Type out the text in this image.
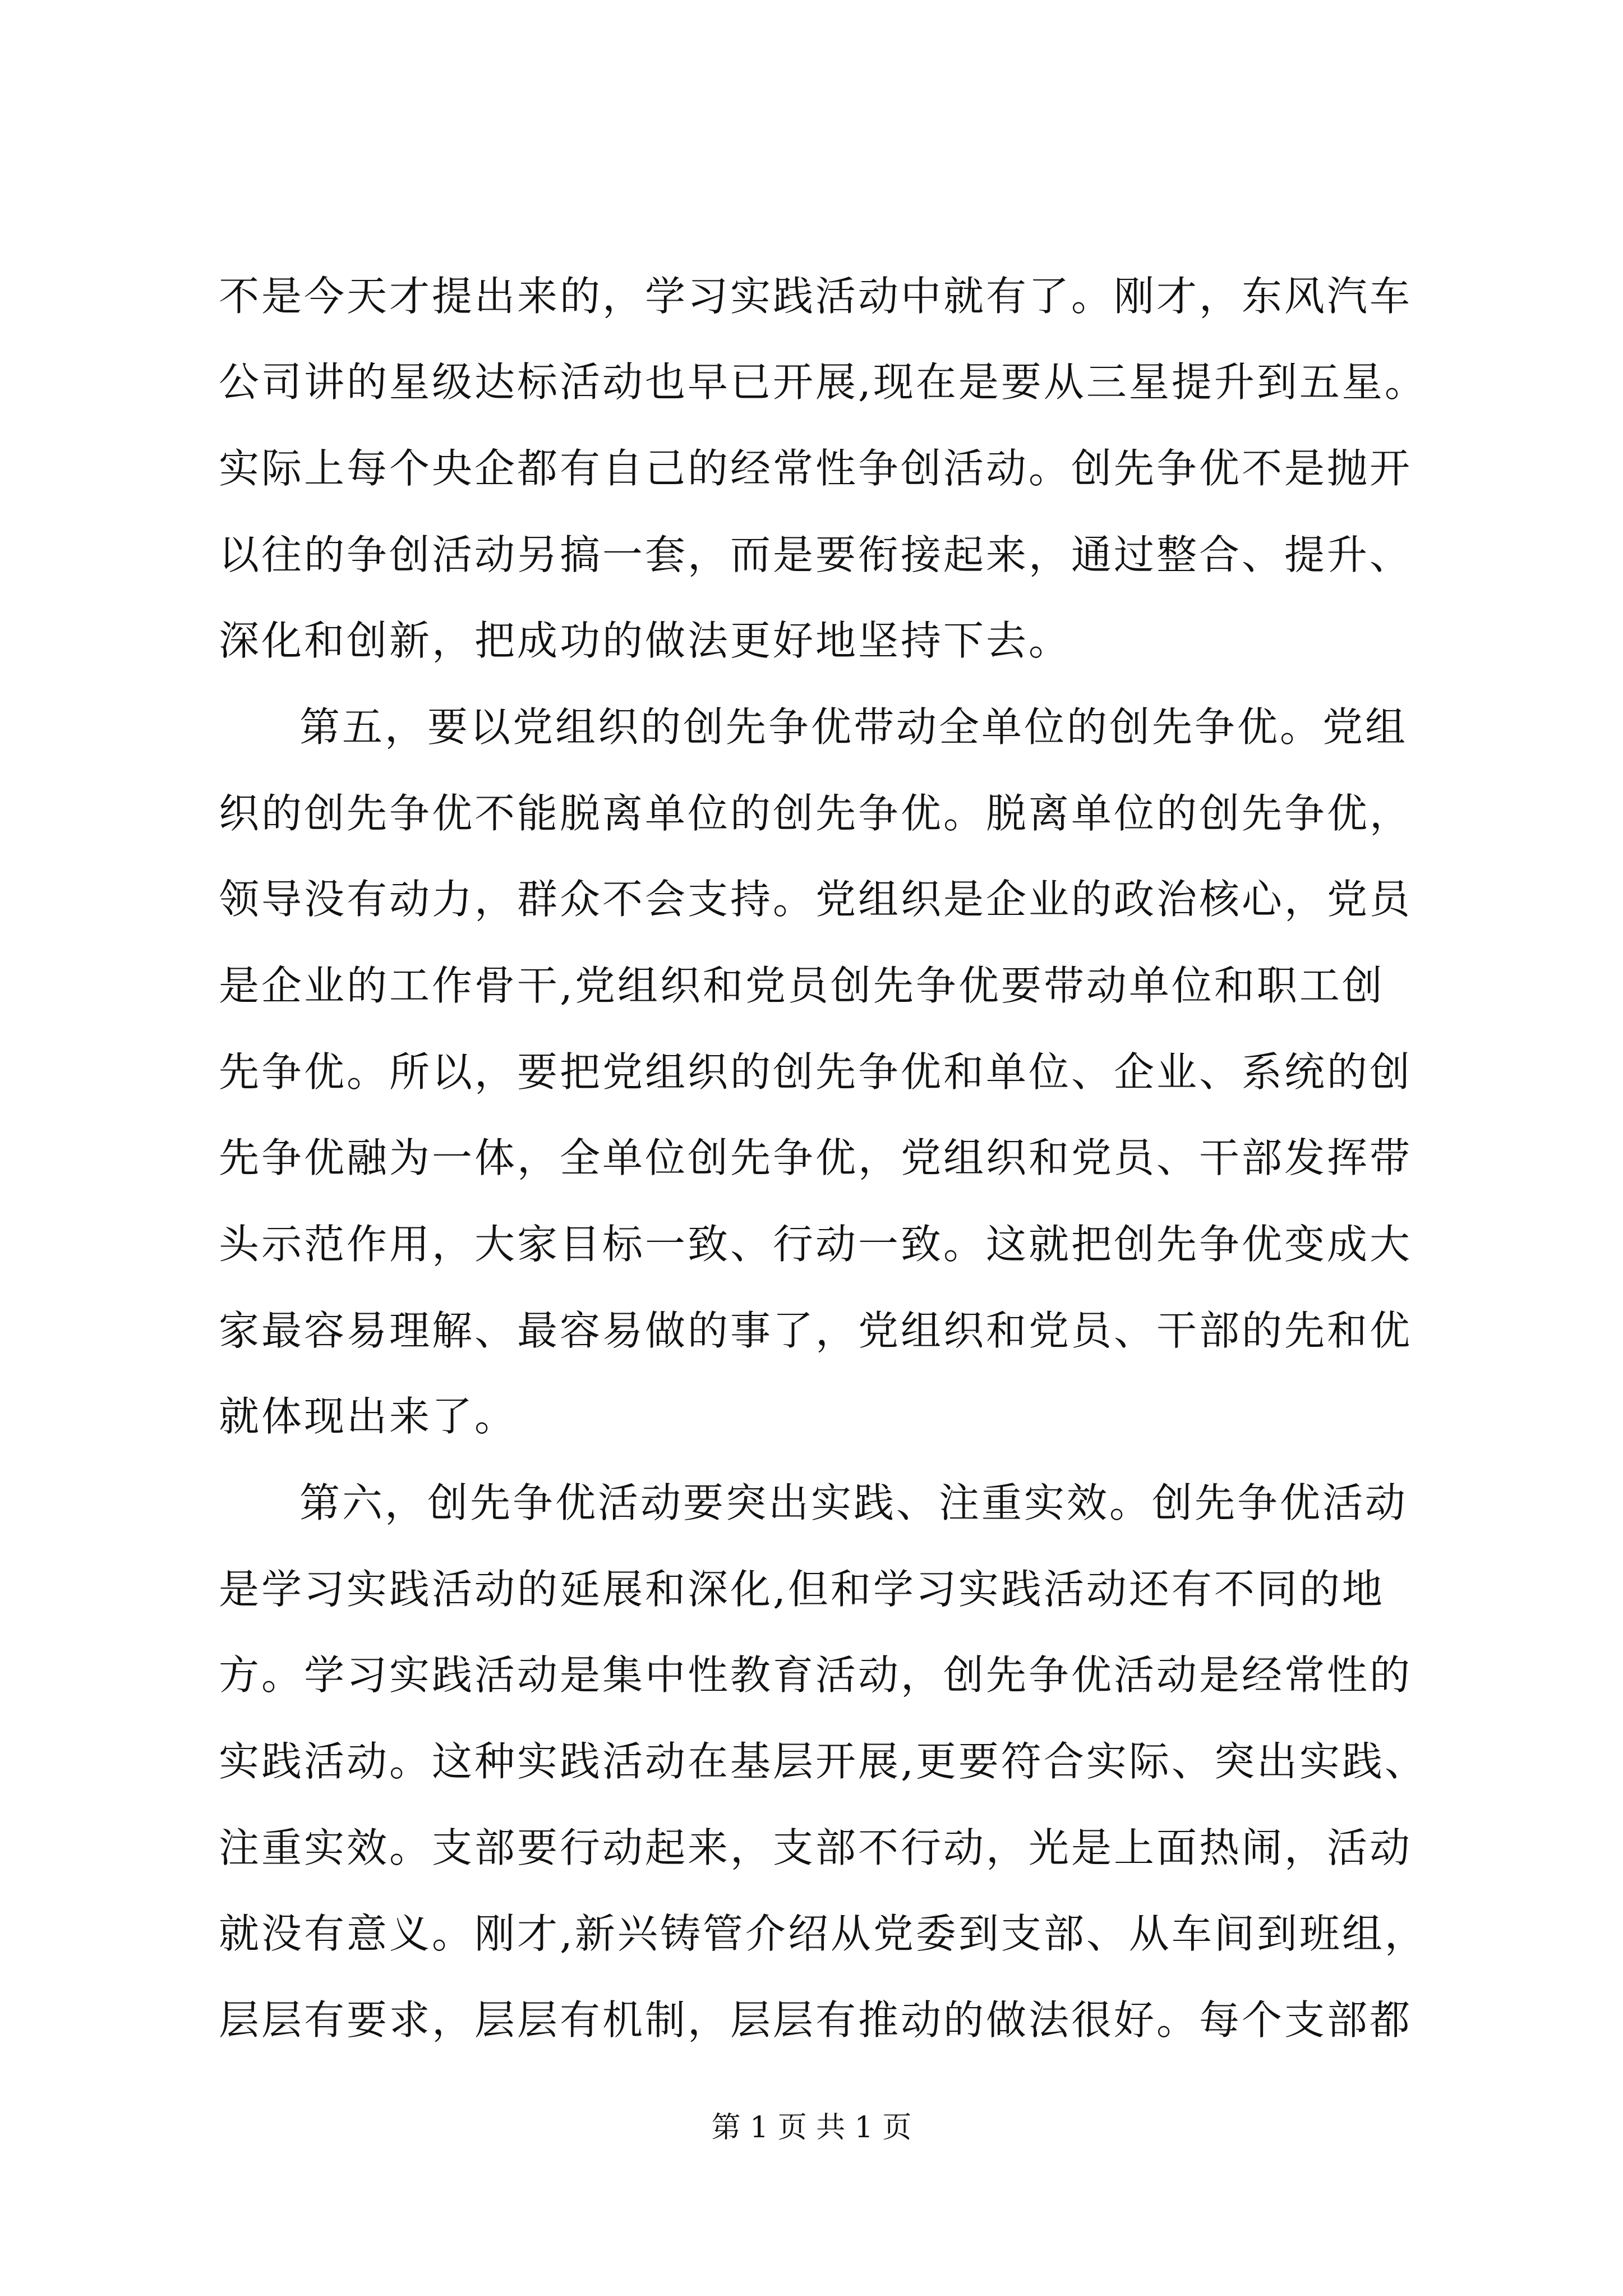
不是今天才提出来的，学习实践活动中就有了。刚才，东风汽车
公司讲的星级达标活动也早已开展,现在是要从三星提升到五星。
实际上每个央企都有自己的经常性争创活动。创先争优不是抛开
以往的争创活动另搞一套，而是要衔接起来，通过整合、提升、
深化和创新，把成功的做法更好地坚持下去。
第五，要以党组织的创先争优带动全单位的创先争优。党组
织的创先争优不能脱离单位的创先争优。脱离单位的创先争优，
领导没有动力，群众不会支持。党组织是企业的政治核心，党员
是企业的工作骨干,党组织和党员创先争优要带动单位和职工创
先争优。所以，要把党组织的创先争优和单位、企业、系统的创
先争优融为一体，全单位创先争优，党组织和党员、干部发挥带
头示范作用，大家目标一致、行动一致。这就把创先争优变成大
家最容易理解、最容易做的事了，党组织和党员、干部的先和优
就体现出来了。
第六，创先争优活动要突出实践、注重实效。创先争优活动
是学习实践活动的延展和深化,但和学习实践活动还有不同的地
方。学习实践活动是集中性教育活动，创先争优活动是经常性的
实践活动。这种实践活动在基层开展,更要符合实际、突出实践、
注重实效。支部要行动起来，支部不行动，光是上面热闹，活动
就没有意义。刚才,新兴铸管介绍从党委到支部、从车间到班组，
层层有要求，层层有机制，层层有推动的做法很好。每个支部都
第 1 页 共 1 页
